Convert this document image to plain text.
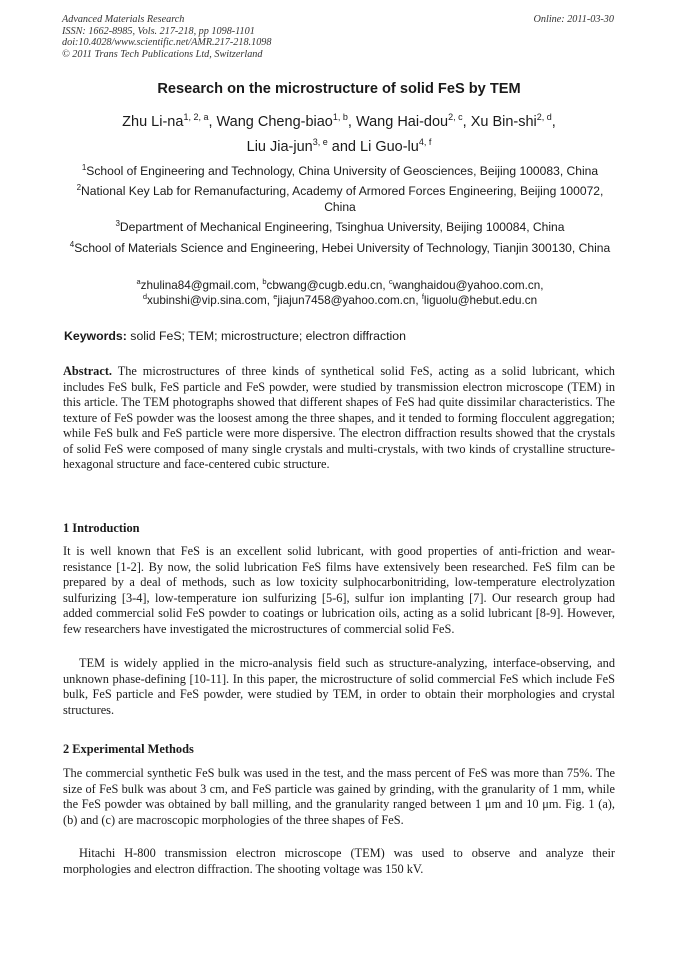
Advanced Materials Research
ISSN: 1662-8985, Vols. 217-218, pp 1098-1101
doi:10.4028/www.scientific.net/AMR.217-218.1098
© 2011 Trans Tech Publications Ltd, Switzerland
Online: 2011-03-30
Research on the microstructure of solid FeS by TEM
Zhu Li-na$^{1, 2, a}$, Wang Cheng-biao$^{1, b}$, Wang Hai-dou$^{2, c}$, Xu Bin-shi$^{2, d}$,
Liu Jia-jun$^{3, e}$ and Li Guo-lu$^{4, f}$
$^1$School of Engineering and Technology, China University of Geosciences, Beijing 100083, China
$^2$National Key Lab for Remanufacturing, Academy of Armored Forces Engineering, Beijing 100072, China
$^3$Department of Mechanical Engineering, Tsinghua University, Beijing 100084, China
$^4$School of Materials Science and Engineering, Hebei University of Technology, Tianjin 300130, China
$^a$zhulina84@gmail.com, $^b$cbwang@cugb.edu.cn, $^c$wanghaidou@yahoo.com.cn,
$^d$xubinshi@vip.sina.com, $^e$jiajun7458@yahoo.com.cn, $^f$liguolu@hebut.edu.cn
Keywords: solid FeS; TEM; microstructure; electron diffraction
Abstract. The microstructures of three kinds of synthetical solid FeS, acting as a solid lubricant, which includes FeS bulk, FeS particle and FeS powder, were studied by transmission electron microscope (TEM) in this article. The TEM photographs showed that different shapes of FeS had quite dissimilar characteristics. The texture of FeS powder was the loosest among the three shapes, and it tended to forming flocculent aggregation; while FeS bulk and FeS particle were more dispersive. The electron diffraction results showed that the crystals of solid FeS were composed of many single crystals and multi-crystals, with two kinds of crystalline structure- hexagonal structure and face-centered cubic structure.
1 Introduction
It is well known that FeS is an excellent solid lubricant, with good properties of anti-friction and wear-resistance [1-2]. By now, the solid lubrication FeS films have extensively been researched. FeS film can be prepared by a deal of methods, such as low toxicity sulphocarbonitriding, low-temperature electrolyzation sulfurizing [3-4], low-temperature ion sulfurizing [5-6], sulfur ion implanting [7]. Our research group had added commercial solid FeS powder to coatings or lubrication oils, acting as a solid lubricant [8-9]. However, few researchers have investigated the microstructures of commercial solid FeS.
TEM is widely applied in the micro-analysis field such as structure-analyzing, interface-observing, and unknown phase-defining [10-11]. In this paper, the microstructure of solid commercial FeS which include FeS bulk, FeS particle and FeS powder, were studied by TEM, in order to obtain their morphologies and crystal structures.
2 Experimental Methods
The commercial synthetic FeS bulk was used in the test, and the mass percent of FeS was more than 75%. The size of FeS bulk was about 3 cm, and FeS particle was gained by grinding, with the granularity of 1 mm, while the FeS powder was obtained by ball milling, and the granularity ranged between 1 μm and 10 μm. Fig. 1 (a), (b) and (c) are macroscopic morphologies of the three shapes of FeS.
Hitachi H-800 transmission electron microscope (TEM) was used to observe and analyze their morphologies and electron diffraction. The shooting voltage was 150 kV.
